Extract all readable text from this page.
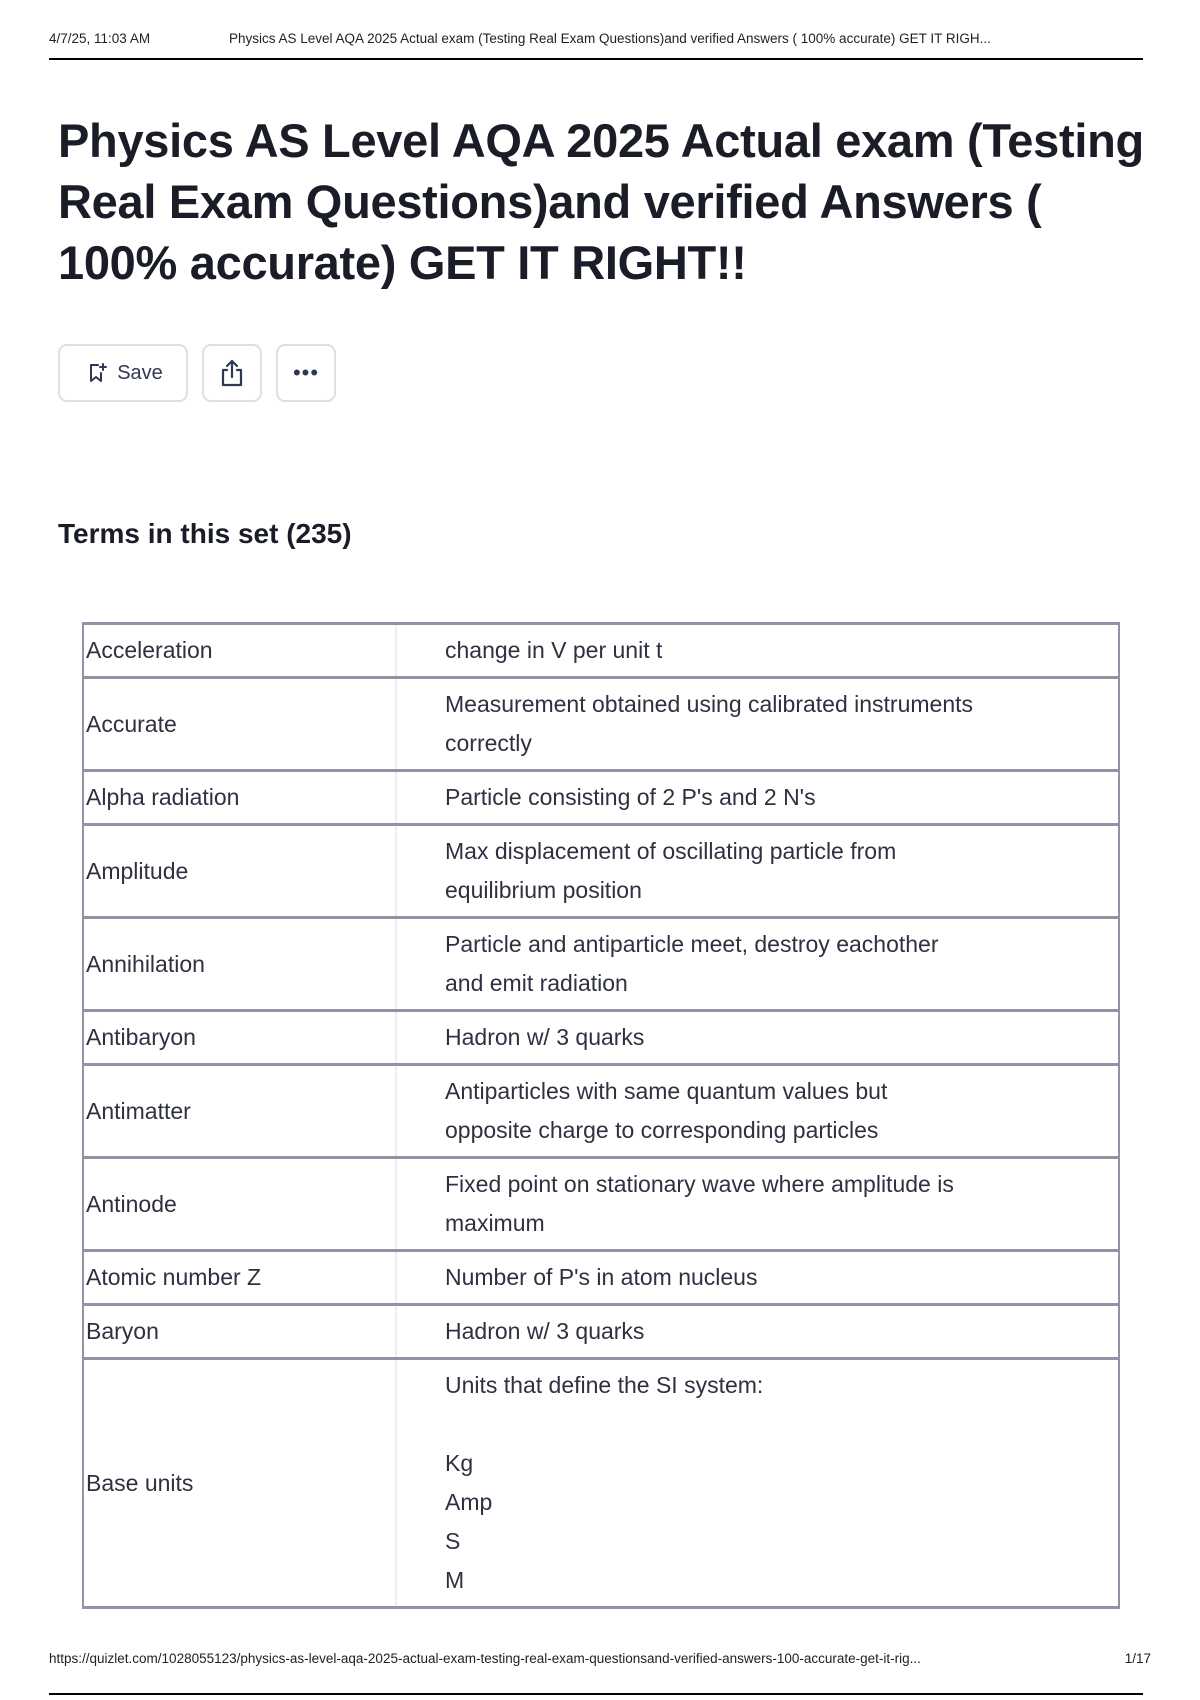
4/7/25, 11:03 AM	Physics AS Level AQA 2025 Actual exam (Testing Real Exam Questions)and verified Answers ( 100% accurate) GET IT RIGH...
Physics AS Level AQA 2025 Actual exam (Testing Real Exam Questions)and verified Answers ( 100% accurate) GET IT RIGHT!!
Save	•••
Terms in this set (235)
Acceleration	change in V per unit t

Accurate	Measurement obtained using calibrated instruments
correctly

Alpha radiation	Particle consisting of 2 P's and 2 N's

Amplitude	Max displacement of oscillating particle from
equilibrium position

Annihilation	Particle and antiparticle meet, destroy eachother
and emit radiation

Antibaryon	Hadron w/ 3 quarks

Antimatter	Antiparticles with same quantum values but
opposite charge to corresponding particles

Antinode	Fixed point on stationary wave where amplitude is
maximum

Atomic number Z	Number of P's in atom nucleus

Baryon	Hadron w/ 3 quarks

Base units	Units that define the SI system:
Kg
Amp
S
M
https://quizlet.com/1028055123/physics-as-level-aqa-2025-actual-exam-testing-real-exam-questionsand-verified-answers-100-accurate-get-it-rig...	1/17
